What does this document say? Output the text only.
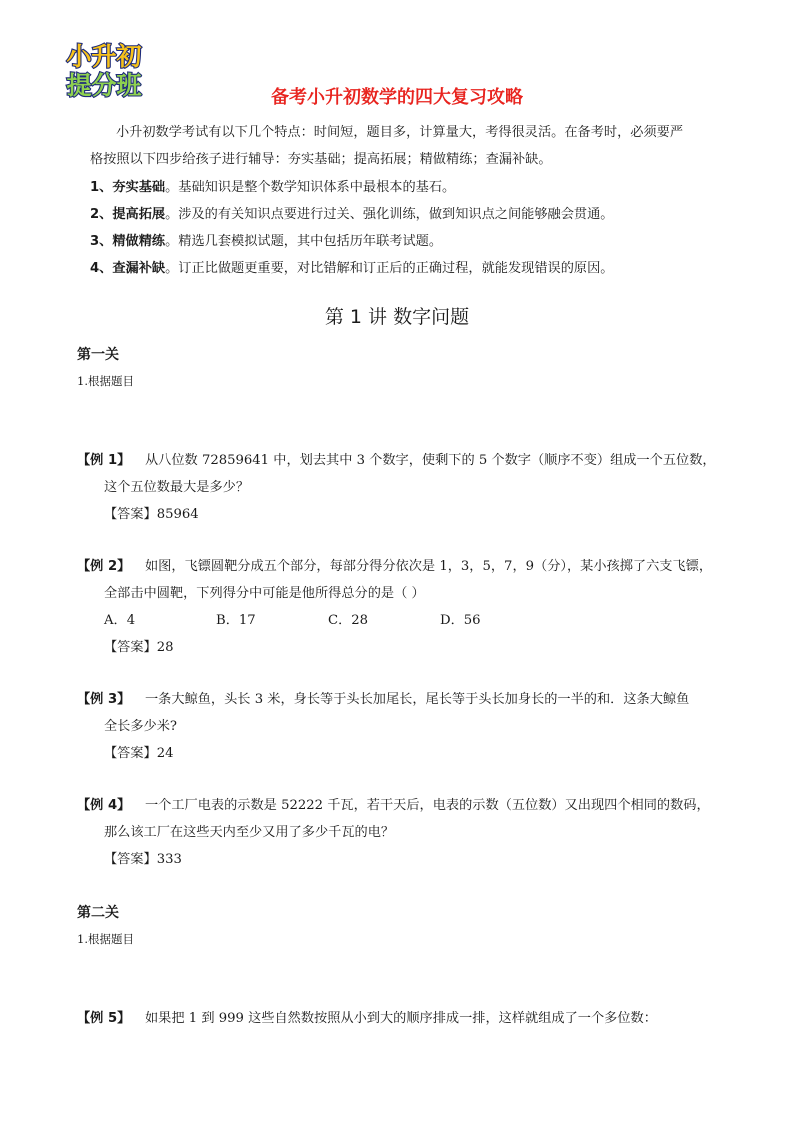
小升初
提分班	备考小升初数学的四大复习攻略
小升初数学考试有以下几个特点：时间短，题目多，计算量大，考得很灵活。在备考时，必须要严
格按照以下四步给孩子进行辅导：夯实基础；提高拓展；精做精练；查漏补缺。
1、夯实基础。基础知识是整个数学知识体系中最根本的基石。
2、提高拓展。涉及的有关知识点要进行过关、强化训练，做到知识点之间能够融会贯通。
3、精做精练。精选几套模拟试题，其中包括历年联考试题。
4、查漏补缺。订正比做题更重要，对比错解和订正后的正确过程，就能发现错误的原因。
第 1 讲 数字问题
第一关
1.根据题目
【例 1】 从八位数 72859641 中，划去其中 3 个数字，使剩下的 5 个数字（顺序不变）组成一个五位数，
这个五位数最大是多少？
【答案】85964
【例 2】 如图，飞镖圆靶分成五个部分，每部分得分依次是 1，3，5，7，9（分），某小孩掷了六支飞镖，
全部击中圆靶，下列得分中可能是他所得总分的是（ ）
A．4	B．17	C．28	D．56
【答案】28
【例 3】 一条大鲸鱼，头长 3 米，身长等于头长加尾长，尾长等于头长加身长的一半的和．这条大鲸鱼
全长多少米?
【答案】24
【例 4】 一个工厂电表的示数是 52222 千瓦，若干天后，电表的示数（五位数）又出现四个相同的数码，
那么该工厂在这些天内至少又用了多少千瓦的电？
【答案】333
第二关
1.根据题目
【例 5】 如果把 1 到 999 这些自然数按照从小到大的顺序排成一排，这样就组成了一个多位数：
